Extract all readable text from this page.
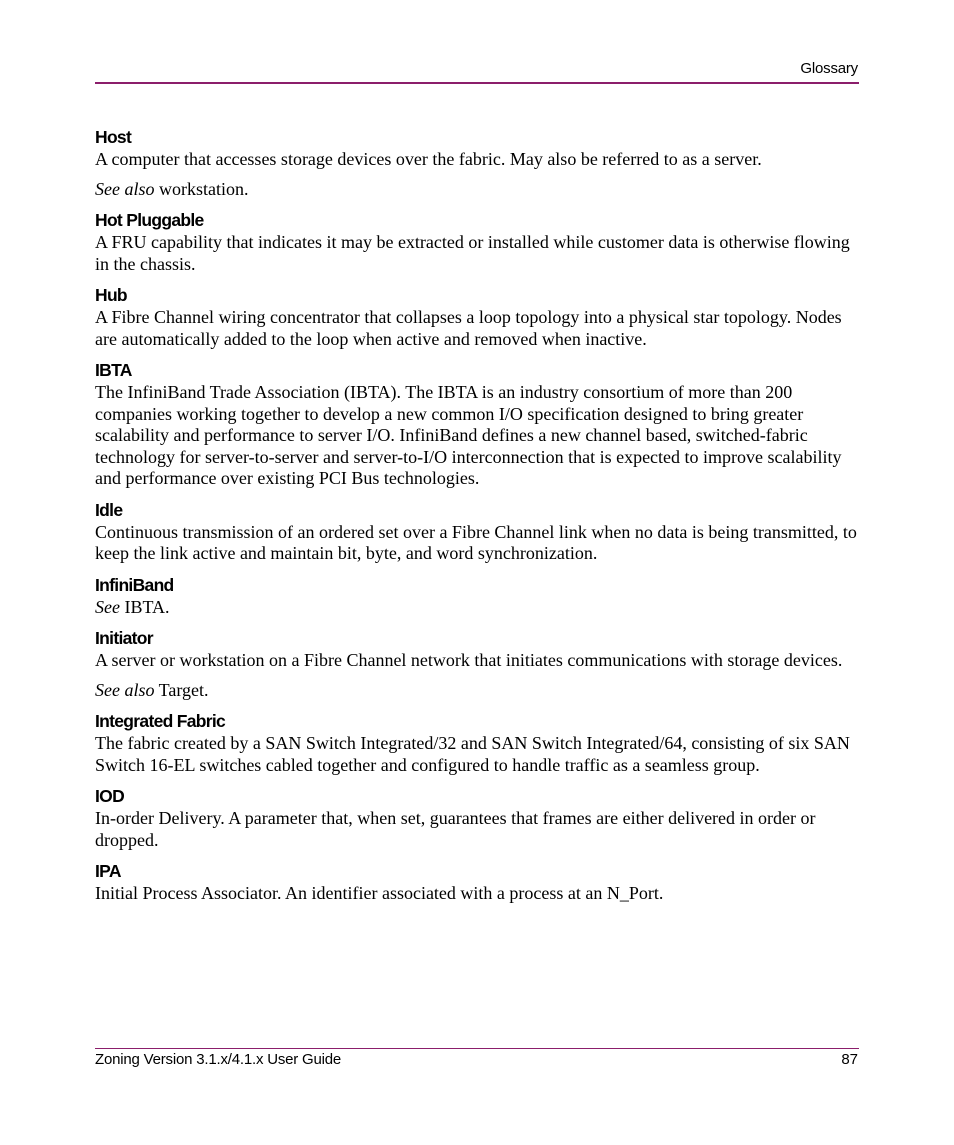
Glossary
Host

A computer that accesses storage devices over the fabric. May also be referred to as a server.

See also workstation.

Hot Pluggable

A FRU capability that indicates it may be extracted or installed while customer data is otherwise flowing in the chassis.

Hub

A Fibre Channel wiring concentrator that collapses a loop topology into a physical star topology. Nodes are automatically added to the loop when active and removed when inactive.

IBTA

The InfiniBand Trade Association (IBTA). The IBTA is an industry consortium of more than 200 companies working together to develop a new common I/O specification designed to bring greater scalability and performance to server I/O. InfiniBand defines a new channel based, switched-fabric technology for server-to-server and server-to-I/O interconnection that is expected to improve scalability and performance over existing PCI Bus technologies.

Idle

Continuous transmission of an ordered set over a Fibre Channel link when no data is being transmitted, to keep the link active and maintain bit, byte, and word synchronization.

InfiniBand

See IBTA.

Initiator

A server or workstation on a Fibre Channel network that initiates communications with storage devices.

See also Target.

Integrated Fabric

The fabric created by a SAN Switch Integrated/32 and SAN Switch Integrated/64, consisting of six SAN Switch 16-EL switches cabled together and configured to handle traffic as a seamless group.

IOD

In-order Delivery. A parameter that, when set, guarantees that frames are either delivered in order or dropped.

IPA

Initial Process Associator. An identifier associated with a process at an N_Port.

Zoning Version 3.1.x/4.1.x User Guide	87
